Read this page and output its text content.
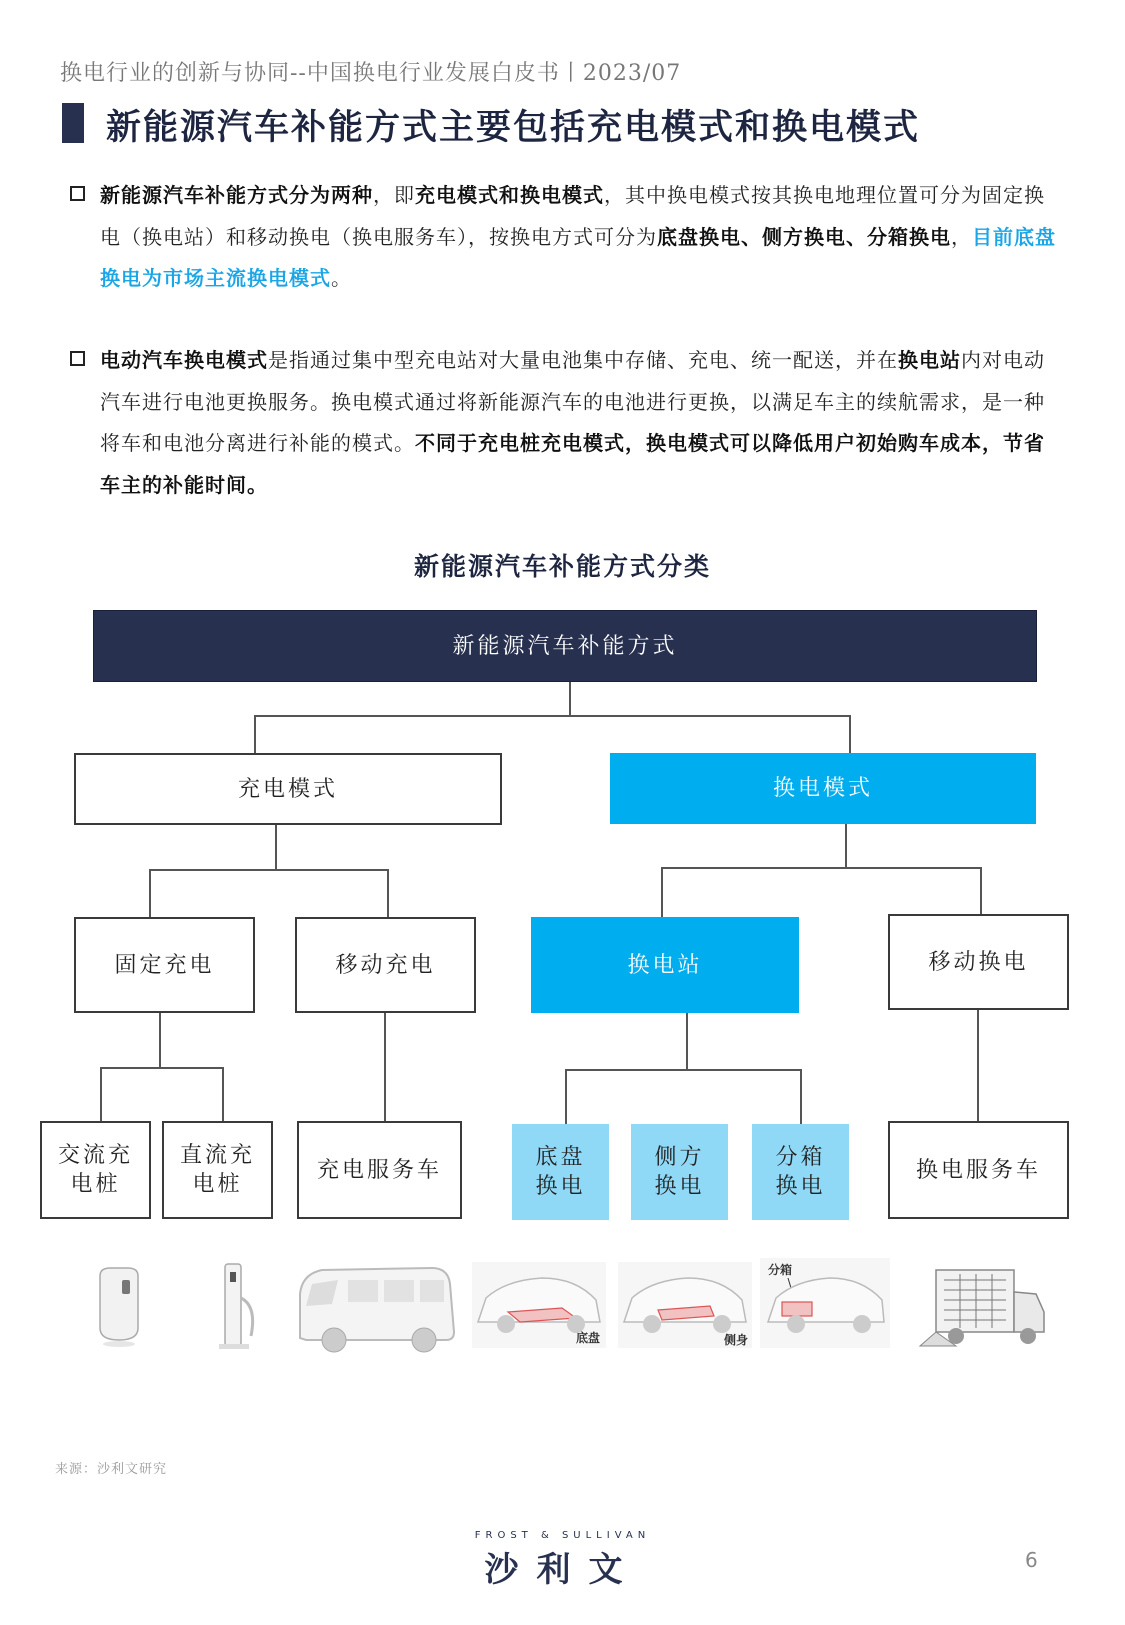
换电行业的创新与协同--中国换电行业发展白皮书丨2023/07
新能源汽车补能方式主要包括充电模式和换电模式
新能源汽车补能方式分为两种，即充电模式和换电模式，其中换电模式按其换电地理位置可分为固定换电（换电站）和移动换电（换电服务车），按换电方式可分为底盘换电、侧方换电、分箱换电，目前底盘换电为市场主流换电模式。
电动汽车换电模式是指通过集中型充电站对大量电池集中存储、充电、统一配送，并在换电站内对电动汽车进行电池更换服务。换电模式通过将新能源汽车的电池进行更换，以满足车主的续航需求，是一种将车和电池分离进行补能的模式。不同于充电桩充电模式，换电模式可以降低用户初始购车成本，节省车主的补能时间。
新能源汽车补能方式分类
新能源汽车补能方式
充电模式	换电模式
固定充电	移动充电	换电站	移动换电
交流充电桩
直流充电桩
充电服务车	底盘换电
侧方换电
分箱换电
换电服务车
底盘	侧身
分箱
来源：沙利文研究
FROST & SULLIVAN
沙利文	6
